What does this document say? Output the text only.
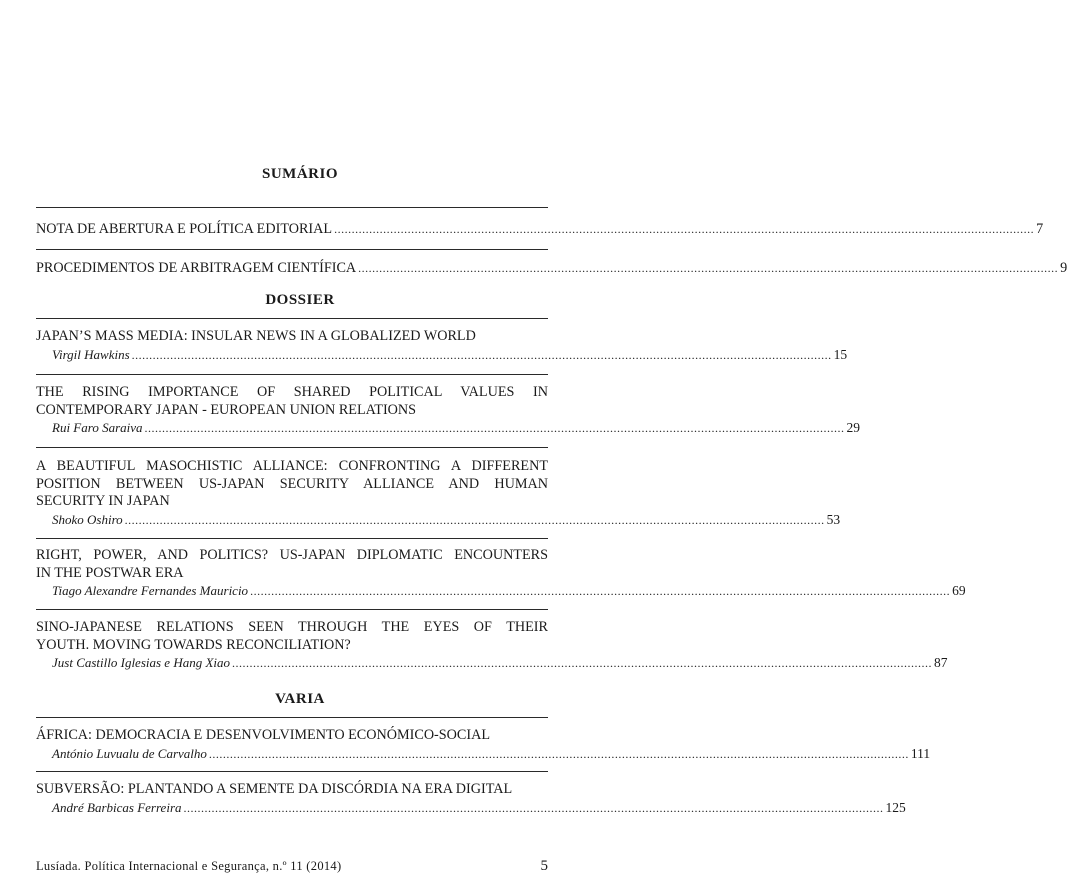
SUMÁRIO
NOTA DE ABERTURA E POLÍTICA EDITORIAL ........................................................................................................................................................................................................ 7
PROCEDIMENTOS DE ARBITRAGEM CIENTÍFICA ........................................................................................................................................................................................................ 9
DOSSIER
JAPAN’S MASS MEDIA: INSULAR NEWS IN A GLOBALIZED WORLD
Virgil Hawkins ........................................................................................................................................................................................................ 15
THE RISING IMPORTANCE OF SHARED POLITICAL VALUES IN
CONTEMPORARY JAPAN - EUROPEAN UNION RELATIONS
Rui Faro Saraiva ........................................................................................................................................................................................................ 29
A BEAUTIFUL MASOCHISTIC ALLIANCE: CONFRONTING A DIFFERENT
POSITION BETWEEN US-JAPAN SECURITY ALLIANCE AND HUMAN
SECURITY IN JAPAN
Shoko Oshiro ........................................................................................................................................................................................................ 53
RIGHT, POWER, AND POLITICS? US-JAPAN DIPLOMATIC ENCOUNTERS
IN THE POSTWAR ERA
Tiago Alexandre Fernandes Mauricio ........................................................................................................................................................................................................ 69
SINO-JAPANESE RELATIONS SEEN THROUGH THE EYES OF THEIR
YOUTH. MOVING TOWARDS RECONCILIATION?
Just Castillo Iglesias e Hang Xiao ........................................................................................................................................................................................................ 87
VARIA
ÁFRICA: DEMOCRACIA E DESENVOLVIMENTO ECONÓMICO-SOCIAL
António Luvualu de Carvalho ........................................................................................................................................................................................................ 111
SUBVERSÃO: PLANTANDO A SEMENTE DA DISCÓRDIA NA ERA DIGITAL
André Barbicas Ferreira ........................................................................................................................................................................................................ 125
Lusíada. Política Internacional e Segurança, n.º 11 (2014)	5
